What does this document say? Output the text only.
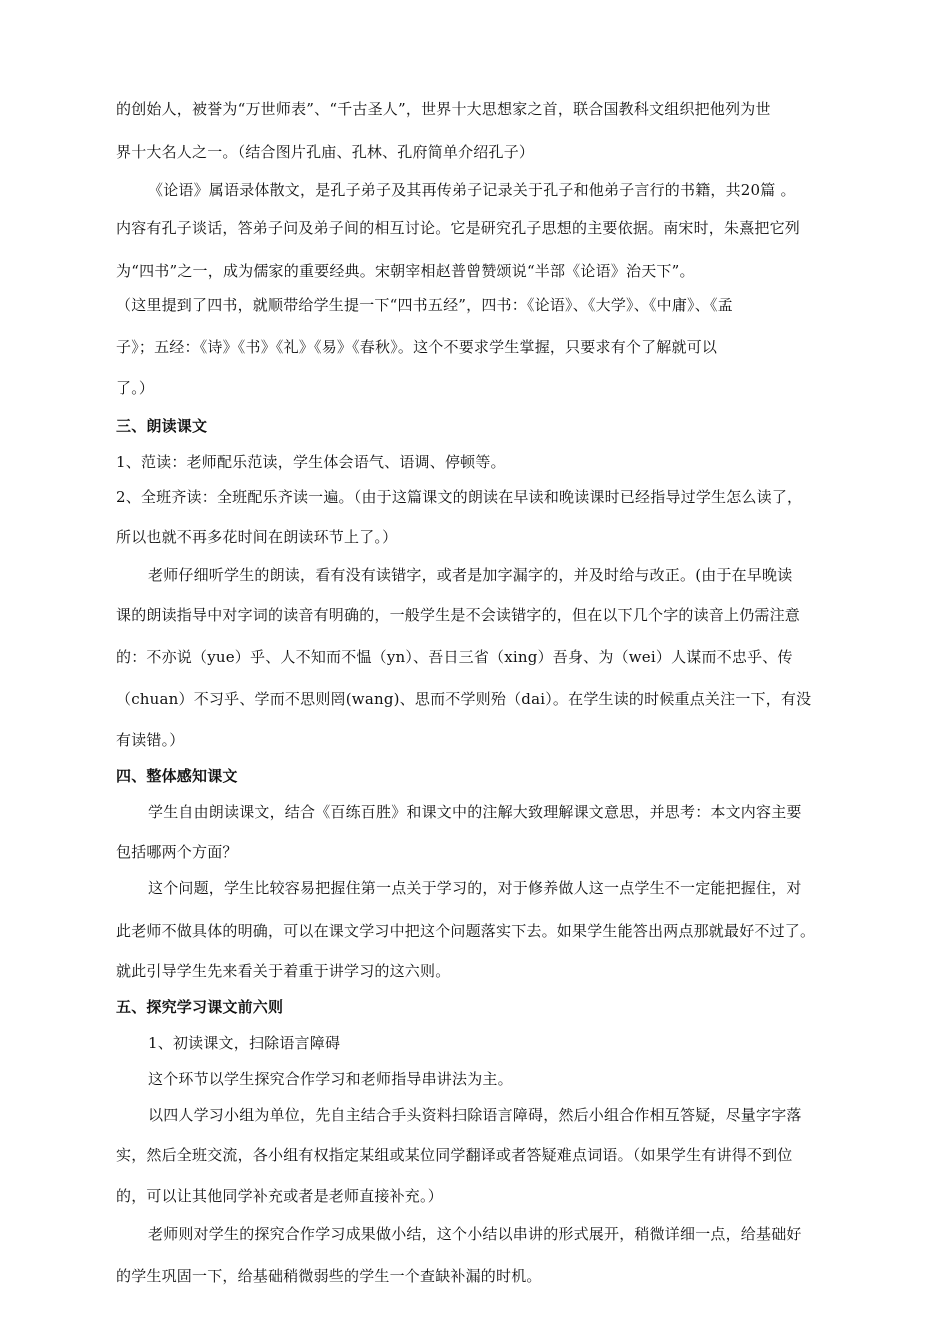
的创始人，被誉为“万世师表”、“千古圣人”，世界十大思想家之首，联合国教科文组织把他列为世
界十大名人之一。（结合图片孔庙、孔林、孔府简单介绍孔子）
《论语》属语录体散文，是孔子弟子及其再传弟子记录关于孔子和他弟子言行的书籍，共20篇 。
内容有孔子谈话，答弟子问及弟子间的相互讨论。它是研究孔子思想的主要依据。南宋时，朱熹把它列
为“四书”之一，成为儒家的重要经典。宋朝宰相赵普曾赞颂说“半部《论语》治天下”。
（这里提到了四书，就顺带给学生提一下“四书五经”，四书：《论语》、《大学》、《中庸》、《孟
子》；五经：《诗》《书》《礼》《易》《春秋》。这个不要求学生掌握，只要求有个了解就可以
了。）
三、朗读课文
1、范读：老师配乐范读，学生体会语气、语调、停顿等。
2、全班齐读：全班配乐齐读一遍。（由于这篇课文的朗读在早读和晚读课时已经指导过学生怎么读了，
所以也就不再多花时间在朗读环节上了。）
老师仔细听学生的朗读，看有没有读错字，或者是加字漏字的，并及时给与改正。(由于在早晚读
课的朗读指导中对字词的读音有明确的，一般学生是不会读错字的，但在以下几个字的读音上仍需注意
的：不亦说（yue）乎、人不知而不愠（yn）、吾日三省（xing）吾身、为（wei）人谋而不忠乎、传
（chuan）不习乎、学而不思则罔(wang)、思而不学则殆（dai）。在学生读的时候重点关注一下，有没
有读错。）
四、整体感知课文
学生自由朗读课文，结合《百练百胜》和课文中的注解大致理解课文意思，并思考：本文内容主要
包括哪两个方面？
这个问题，学生比较容易把握住第一点关于学习的，对于修养做人这一点学生不一定能把握住，对
此老师不做具体的明确，可以在课文学习中把这个问题落实下去。如果学生能答出两点那就最好不过了。
就此引导学生先来看关于着重于讲学习的这六则。
五、探究学习课文前六则
1、初读课文，扫除语言障碍
这个环节以学生探究合作学习和老师指导串讲法为主。
以四人学习小组为单位，先自主结合手头资料扫除语言障碍，然后小组合作相互答疑，尽量字字落
实，然后全班交流，各小组有权指定某组或某位同学翻译或者答疑难点词语。（如果学生有讲得不到位
的，可以让其他同学补充或者是老师直接补充。）
老师则对学生的探究合作学习成果做小结，这个小结以串讲的形式展开，稍微详细一点，给基础好
的学生巩固一下，给基础稍微弱些的学生一个查缺补漏的时机。
